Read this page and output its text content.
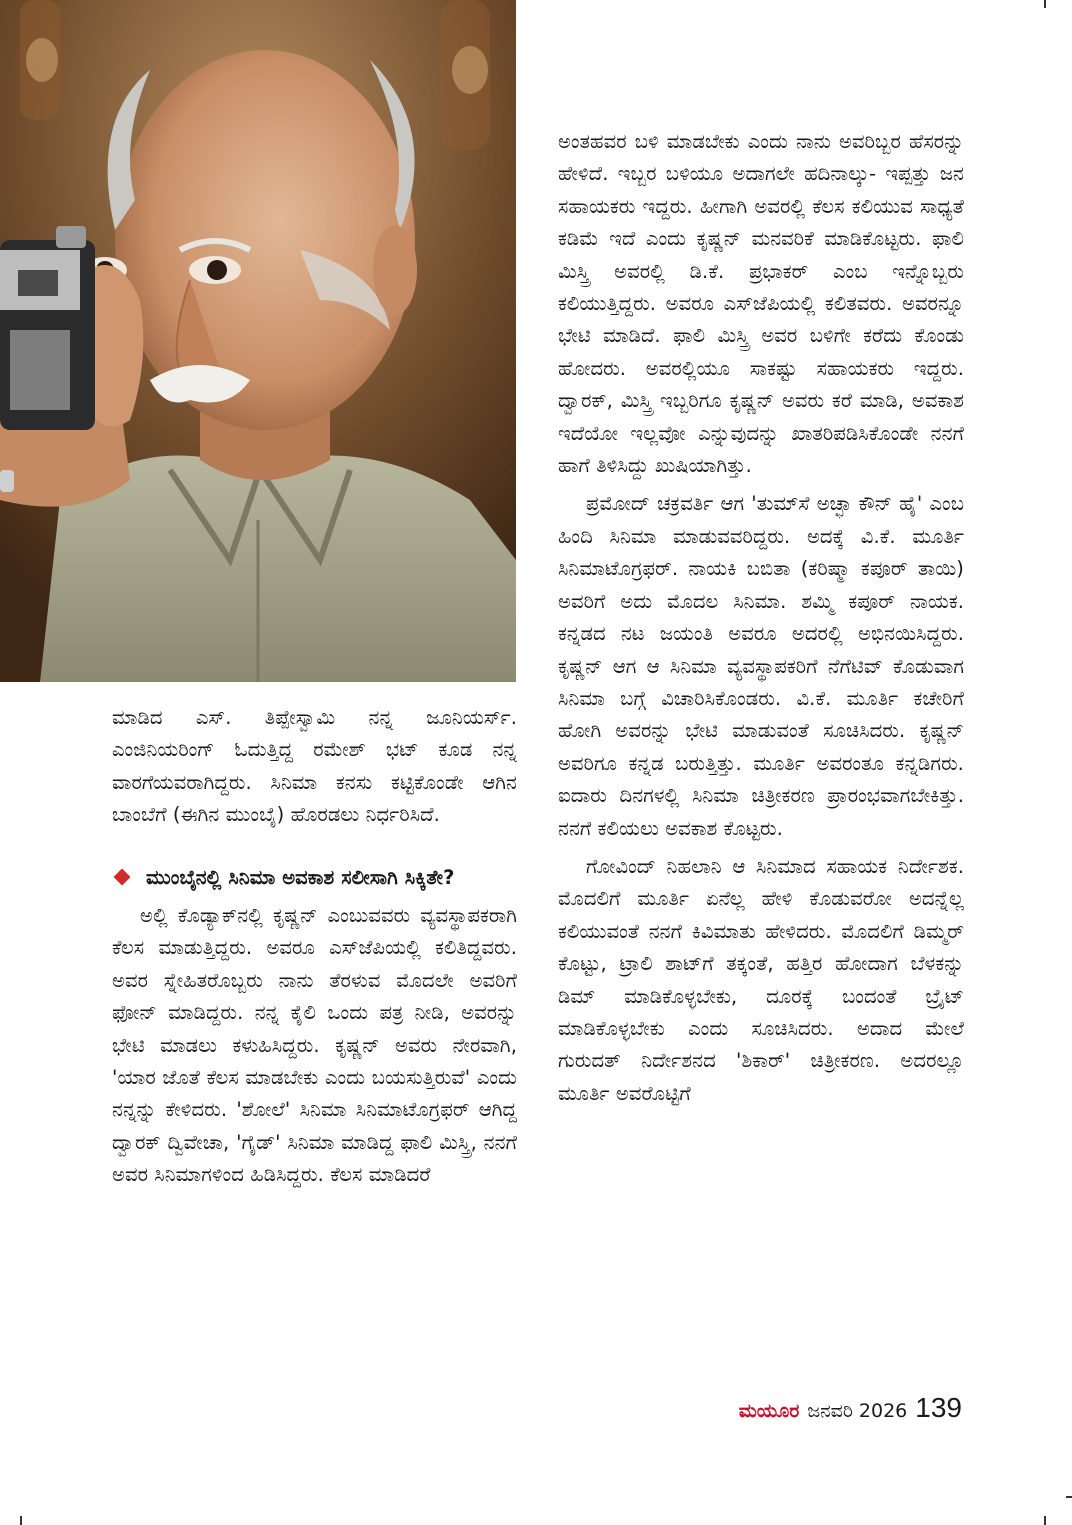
ಮಾಡಿದ ಎಸ್. ತಿಪ್ಪೇಸ್ವಾಮಿ ನನ್ನ ಜೂನಿಯರ್ಸ್. ಎಂಜಿನಿಯರಿಂಗ್ ಓದುತ್ತಿದ್ದ ರಮೇಶ್ ಭಟ್ ಕೂಡ ನನ್ನ ವಾರಗೆಯವರಾಗಿದ್ದರು. ಸಿನಿಮಾ ಕನಸು ಕಟ್ಟಿಕೊಂಡೇ ಆಗಿನ ಬಾಂಬೆಗೆ (ಈಗಿನ ಮುಂಬೈ) ಹೊರಡಲು ನಿರ್ಧರಿಸಿದೆ.

ಮುಂಬೈನಲ್ಲಿ ಸಿನಿಮಾ ಅವಕಾಶ ಸಲೀಸಾಗಿ ಸಿಕ್ಕಿತೇ?

ಅಲ್ಲಿ ಕೊಡ್ಯಾಕ್‌ನಲ್ಲಿ ಕೃಷ್ಣನ್ ಎಂಬುವವರು ವ್ಯವಸ್ಥಾಪಕರಾಗಿ ಕೆಲಸ ಮಾಡುತ್ತಿದ್ದರು. ಅವರೂ ಎಸ್‌ಜೆಪಿಯಲ್ಲಿ ಕಲಿತಿದ್ದವರು. ಅವರ ಸ್ನೇಹಿತರೊಬ್ಬರು ನಾನು ತೆರಳುವ ಮೊದಲೇ ಅವರಿಗೆ ಫೋನ್ ಮಾಡಿದ್ದರು. ನನ್ನ ಕೈಲಿ ಒಂದು ಪತ್ರ ನೀಡಿ, ಅವರನ್ನು ಭೇಟಿ ಮಾಡಲು ಕಳುಹಿಸಿದ್ದರು. ಕೃಷ್ಣನ್ ಅವರು ನೇರವಾಗಿ, 'ಯಾರ ಜೊತೆ ಕೆಲಸ ಮಾಡಬೇಕು ಎಂದು ಬಯಸುತ್ತಿರುವೆ' ಎಂದು ನನ್ನನ್ನು ಕೇಳಿದರು. 'ಶೋಲೆ' ಸಿನಿಮಾ ಸಿನಿಮಾಟೊಗ್ರಫರ್ ಆಗಿದ್ದ ದ್ವಾರಕ್ ದ್ವಿವೇಚಾ, 'ಗೈಡ್' ಸಿನಿಮಾ ಮಾಡಿದ್ದ ಫಾಲಿ ಮಿಸ್ತ್ರಿ, ನನಗೆ ಅವರ ಸಿನಿಮಾಗಳಿಂದ ಹಿಡಿಸಿದ್ದರು. ಕೆಲಸ ಮಾಡಿದರೆ

ಅಂತಹವರ ಬಳಿ ಮಾಡಬೇಕು ಎಂದು ನಾನು ಅವರಿಬ್ಬರ ಹೆಸರನ್ನು ಹೇಳಿದೆ. ಇಬ್ಬರ ಬಳಿಯೂ ಅದಾಗಲೇ ಹದಿನಾಲ್ಕು- ಇಪ್ಪತ್ತು ಜನ ಸಹಾಯಕರು ಇದ್ದರು. ಹೀಗಾಗಿ ಅವರಲ್ಲಿ ಕೆಲಸ ಕಲಿಯುವ ಸಾಧ್ಯತೆ ಕಡಿಮೆ ಇದೆ ಎಂದು ಕೃಷ್ಣನ್ ಮನವರಿಕೆ ಮಾಡಿಕೊಟ್ಟರು. ಫಾಲಿ ಮಿಸ್ತ್ರಿ ಅವರಲ್ಲಿ ಡಿ.ಕೆ. ಪ್ರಭಾಕರ್ ಎಂಬ ಇನ್ನೊಬ್ಬರು ಕಲಿಯುತ್ತಿದ್ದರು. ಅವರೂ ಎಸ್‌ಜೆಪಿಯಲ್ಲಿ ಕಲಿತವರು. ಅವರನ್ನೂ ಭೇಟಿ ಮಾಡಿದೆ. ಫಾಲಿ ಮಿಸ್ತ್ರಿ ಅವರ ಬಳಿಗೇ ಕರೆದು ಕೊಂಡು ಹೋದರು. ಅವರಲ್ಲಿಯೂ ಸಾಕಷ್ಟು ಸಹಾಯಕರು ಇದ್ದರು. ದ್ವಾರಕ್, ಮಿಸ್ತ್ರಿ ಇಬ್ಬರಿಗೂ ಕೃಷ್ಣನ್ ಅವರು ಕರೆ ಮಾಡಿ, ಅವಕಾಶ ಇದೆಯೋ ಇಲ್ಲವೋ ಎನ್ನುವುದನ್ನು ಖಾತರಿಪಡಿಸಿಕೊಂಡೇ ನನಗೆ ಹಾಗೆ ತಿಳಿಸಿದ್ದು ಖುಷಿಯಾಗಿತ್ತು.

ಪ್ರಮೋದ್ ಚಕ್ರವರ್ತಿ ಆಗ 'ತುಮ್‌ಸೆ ಅಚ್ಛಾ ಕೌನ್ ಹೈ' ಎಂಬ ಹಿಂದಿ ಸಿನಿಮಾ ಮಾಡುವವರಿದ್ದರು. ಅದಕ್ಕೆ ವಿ.ಕೆ. ಮೂರ್ತಿ ಸಿನಿಮಾಟೊಗ್ರಫರ್. ನಾಯಕಿ ಬಬಿತಾ (ಕರಿಷ್ಮಾ ಕಪೂರ್ ತಾಯಿ) ಅವರಿಗೆ ಅದು ಮೊದಲ ಸಿನಿಮಾ. ಶಮ್ಮಿ ಕಪೂರ್ ನಾಯಕ. ಕನ್ನಡದ ನಟ ಜಯಂತಿ ಅವರೂ ಅದರಲ್ಲಿ ಅಭಿನಯಿಸಿದ್ದರು. ಕೃಷ್ಣನ್ ಆಗ ಆ ಸಿನಿಮಾ ವ್ಯವಸ್ಥಾಪಕರಿಗೆ ನೆಗೆಟಿವ್ ಕೊಡುವಾಗ ಸಿನಿಮಾ ಬಗ್ಗೆ ವಿಚಾರಿಸಿಕೊಂಡರು. ವಿ.ಕೆ. ಮೂರ್ತಿ ಕಚೇರಿಗೆ ಹೋಗಿ ಅವರನ್ನು ಭೇಟಿ ಮಾಡುವಂತೆ ಸೂಚಿಸಿದರು. ಕೃಷ್ಣನ್ ಅವರಿಗೂ ಕನ್ನಡ ಬರುತ್ತಿತ್ತು. ಮೂರ್ತಿ ಅವರಂತೂ ಕನ್ನಡಿಗರು. ಐದಾರು ದಿನಗಳಲ್ಲಿ ಸಿನಿಮಾ ಚಿತ್ರೀಕರಣ ಪ್ರಾರಂಭವಾಗಬೇಕಿತ್ತು. ನನಗೆ ಕಲಿಯಲು ಅವಕಾಶ ಕೊಟ್ಟರು.

ಗೋವಿಂದ್ ನಿಹಲಾನಿ ಆ ಸಿನಿಮಾದ ಸಹಾಯಕ ನಿರ್ದೇಶಕ. ಮೊದಲಿಗೆ ಮೂರ್ತಿ ಏನೆಲ್ಲ ಹೇಳಿ ಕೊಡುವರೋ ಅದನ್ನೆಲ್ಲ ಕಲಿಯುವಂತೆ ನನಗೆ ಕಿವಿಮಾತು ಹೇಳಿದರು. ಮೊದಲಿಗೆ ಡಿಮ್ಮರ್ ಕೊಟ್ಟು, ಟ್ರಾಲಿ ಶಾಟ್‌ಗೆ ತಕ್ಕಂತೆ, ಹತ್ತಿರ ಹೋದಾಗ ಬೆಳಕನ್ನು ಡಿಮ್ ಮಾಡಿಕೊಳ್ಳಬೇಕು, ದೂರಕ್ಕೆ ಬಂದಂತೆ ಬ್ರೈಟ್ ಮಾಡಿಕೊಳ್ಳಬೇಕು ಎಂದು ಸೂಚಿಸಿದರು. ಅದಾದ ಮೇಲೆ ಗುರುದತ್ ನಿರ್ದೇಶನದ 'ಶಿಕಾರ್' ಚಿತ್ರೀಕರಣ. ಅದರಲ್ಲೂ ಮೂರ್ತಿ ಅವರೊಟ್ಟಿಗೆ

ಮಯೂರ ಜನವರಿ 2026 139
